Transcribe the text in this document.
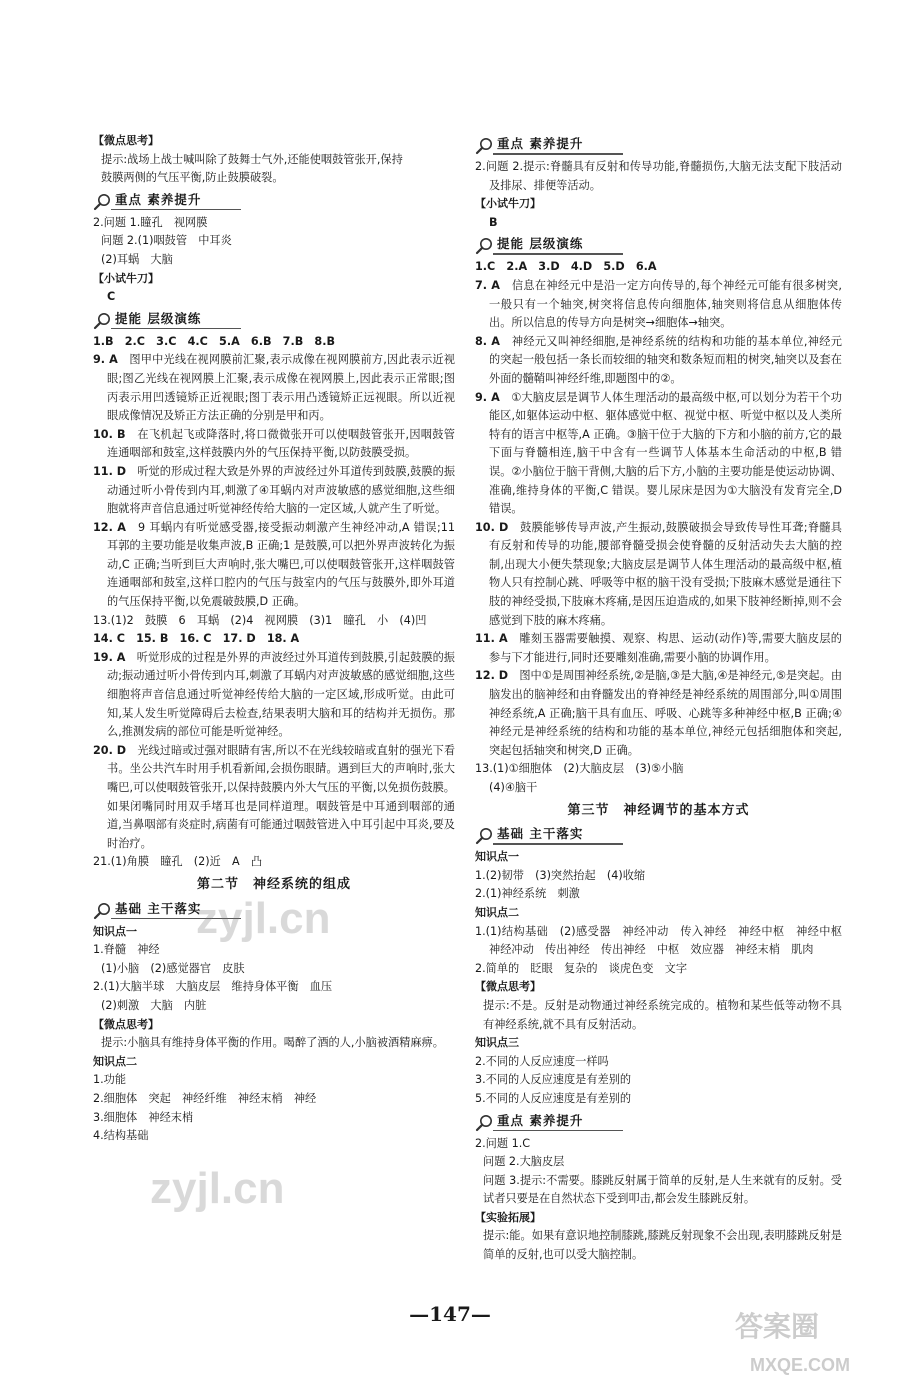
【微点思考】

提示:战场上战士喊叫除了鼓舞士气外,还能使咽鼓管张开,保持
鼓膜两侧的气压平衡,防止鼓膜破裂。

重点 素养提升

2.问题 1.瞳孔　视网膜

问题 2.(1)咽鼓管　中耳炎

(2)耳蜗　大脑

【小试牛刀】

C

提能 层级演练

1.B　2.C　3.C　4.C　5.A　6.B　7.B　8.B

9. A　 图甲中光线在视网膜前汇聚,表示成像在视网膜前方,因此表示近视眼;图乙光线在视网膜上汇聚,表示成像在视网膜上,因此表示正常眼;图丙表示用凹透镜矫正近视眼;图丁表示用凸透镜矫正远视眼。所以近视眼成像情况及矫正方法正确的分别是甲和丙。

10. B　 在飞机起飞或降落时,将口微微张开可以使咽鼓管张开,因咽鼓管连通咽部和鼓室,这样鼓膜内外的气压保持平衡,以防鼓膜受损。

11. D　 听觉的形成过程大致是外界的声波经过外耳道传到鼓膜,鼓膜的振动通过听小骨传到内耳,刺激了④耳蜗内对声波敏感的感觉细胞,这些细胞就将声音信息通过听觉神经传给大脑的一定区域,人就产生了听觉。

12. A　 9 耳蜗内有听觉感受器,接受振动刺激产生神经冲动,A 错误;11 耳郭的主要功能是收集声波,B 正确;1 是鼓膜,可以把外界声波转化为振动,C 正确;当听到巨大声响时,张大嘴巴,可以使咽鼓管张开,这样咽鼓管连通咽部和鼓室,这样口腔内的气压与鼓室内的气压与鼓膜外,即外耳道的气压保持平衡,以免震破鼓膜,D 正确。

13.(1)2　 鼓膜　6　耳蜗　(2)4　视网膜　(3)1　瞳孔　小　(4)凹

14. C　15. B　16. C　17. D　18. A

19. A　 听觉形成的过程是外界的声波经过外耳道传到鼓膜,引起鼓膜的振动;振动通过听小骨传到内耳,刺激了耳蜗内对声波敏感的感觉细胞,这些细胞将声音信息通过听觉神经传给大脑的一定区域,形成听觉。由此可知,某人发生听觉障碍后去检查,结果表明大脑和耳的结构并无损伤。那么,推测发病的部位可能是听觉神经。

20. D　 光线过暗或过强对眼睛有害,所以不在光线较暗或直射的强光下看书。坐公共汽车时用手机看新闻,会损伤眼睛。遇到巨大的声响时,张大嘴巴,可以使咽鼓管张开,以保持鼓膜内外大气压的平衡,以免损伤鼓膜。如果闭嘴同时用双手堵耳也是同样道理。咽鼓管是中耳通到咽部的通道,当鼻咽部有炎症时,病菌有可能通过咽鼓管进入中耳引起中耳炎,要及时治疗。

21.(1)角膜　瞳孔　(2)近　A　凸

第二节　神经系统的组成
基础 主干落实
知识点一

1.脊髓　神经

(1)小脑　(2)感觉器官　皮肤

2.(1)大脑半球　大脑皮层　维持身体平衡　血压

(2)刺激　大脑　内脏

【微点思考】

提示:小脑具有维持身体平衡的作用。喝醉了酒的人,小脑被酒精麻痹。

知识点二

1.功能

2.细胞体　突起　神经纤维　神经末梢　神经

3.细胞体　神经末梢

4.结构基础

重点 素养提升

2.问题 2.提示:脊髓具有反射和传导功能,脊髓损伤,大脑无法支配下肢活动及排尿、排便等活动。

【小试牛刀】

B

提能 层级演练

1.C　2.A　3.D　4.D　5.D　6.A

7. A　 信息在神经元中是沿一定方向传导的,每个神经元可能有很多树突,一般只有一个轴突,树突将信息传向细胞体,轴突则将信息从细胞体传出。所以信息的传导方向是树突→细胞体→轴突。

8. A　 神经元又叫神经细胞,是神经系统的结构和功能的基本单位,神经元的突起一般包括一条长而较细的轴突和数条短而粗的树突,轴突以及套在外面的髓鞘叫神经纤维,即题图中的②。

9. A　 ①大脑皮层是调节人体生理活动的最高级中枢,可以划分为若干个功能区,如躯体运动中枢、躯体感觉中枢、视觉中枢、听觉中枢以及人类所特有的语言中枢等,A 正确。③脑干位于大脑的下方和小脑的前方,它的最下面与脊髓相连,脑干中含有一些调节人体基本生命活动的中枢,B 错误。②小脑位于脑干背侧,大脑的后下方,小脑的主要功能是使运动协调、准确,维持身体的平衡,C 错误。婴儿尿床是因为①大脑没有发育完全,D 错误。

10. D　 鼓膜能够传导声波,产生振动,鼓膜破损会导致传导性耳聋;脊髓具有反射和传导的功能,腰部脊髓受损会使脊髓的反射活动失去大脑的控制,出现大小便失禁现象;大脑皮层是调节人体生理活动的最高级中枢,植物人只有控制心跳、呼吸等中枢的脑干没有受损;下肢麻木感觉是通往下肢的神经受损,下肢麻木疼痛,是因压迫造成的,如果下肢神经断掉,则不会感觉到下肢的麻木疼痛。

11. A　 雕刻玉器需要触摸、观察、构思、运动(动作)等,需要大脑皮层的参与下才能进行,同时还要雕刻准确,需要小脑的协调作用。

12. D　 图中①是周围神经系统,②是脑,③是大脑,④是神经元,⑤是突起。由脑发出的脑神经和由脊髓发出的脊神经是神经系统的周围部分,叫①周围神经系统,A 正确;脑干具有血压、呼吸、心跳等多种神经中枢,B 正确;④神经元是神经系统的结构和功能的基本单位,神经元包括细胞体和突起,突起包括轴突和树突,D 正确。

13.(1)①细胞体　(2)大脑皮层　(3)⑤小脑

(4)④脑干

第三节　神经调节的基本方式
基础 主干落实
知识点一

1.(2)韧带　(3)突然抬起　(4)收缩

2.(1)神经系统　刺激

知识点二

1.(1)结构基础　(2)感受器　神经冲动　传入神经　神经中枢　神经中枢　神经冲动　传出神经　传出神经　中枢　效应器　神经末梢　肌肉

2.简单的　眨眼　复杂的　谈虎色变　文字

【微点思考】

提示:不是。反射是动物通过神经系统完成的。植物和某些低等动物不具有神经系统,就不具有反射活动。

知识点三

2.不同的人反应速度一样吗

3.不同的人反应速度是有差别的

5.不同的人反应速度是有差别的

重点 素养提升

2.问题 1.C

问题 2.大脑皮层

问题 3.提示:不需要。膝跳反射属于简单的反射,是人生来就有的反射。受试者只要是在自然状态下受到叩击,都会发生膝跳反射。

【实验拓展】

提示:能。如果有意识地控制膝跳,膝跳反射现象不会出现,表明膝跳反射是简单的反射,也可以受大脑控制。

—147—
zyjl.cn
zyjl.cn
答案圈
MXQE.COM
